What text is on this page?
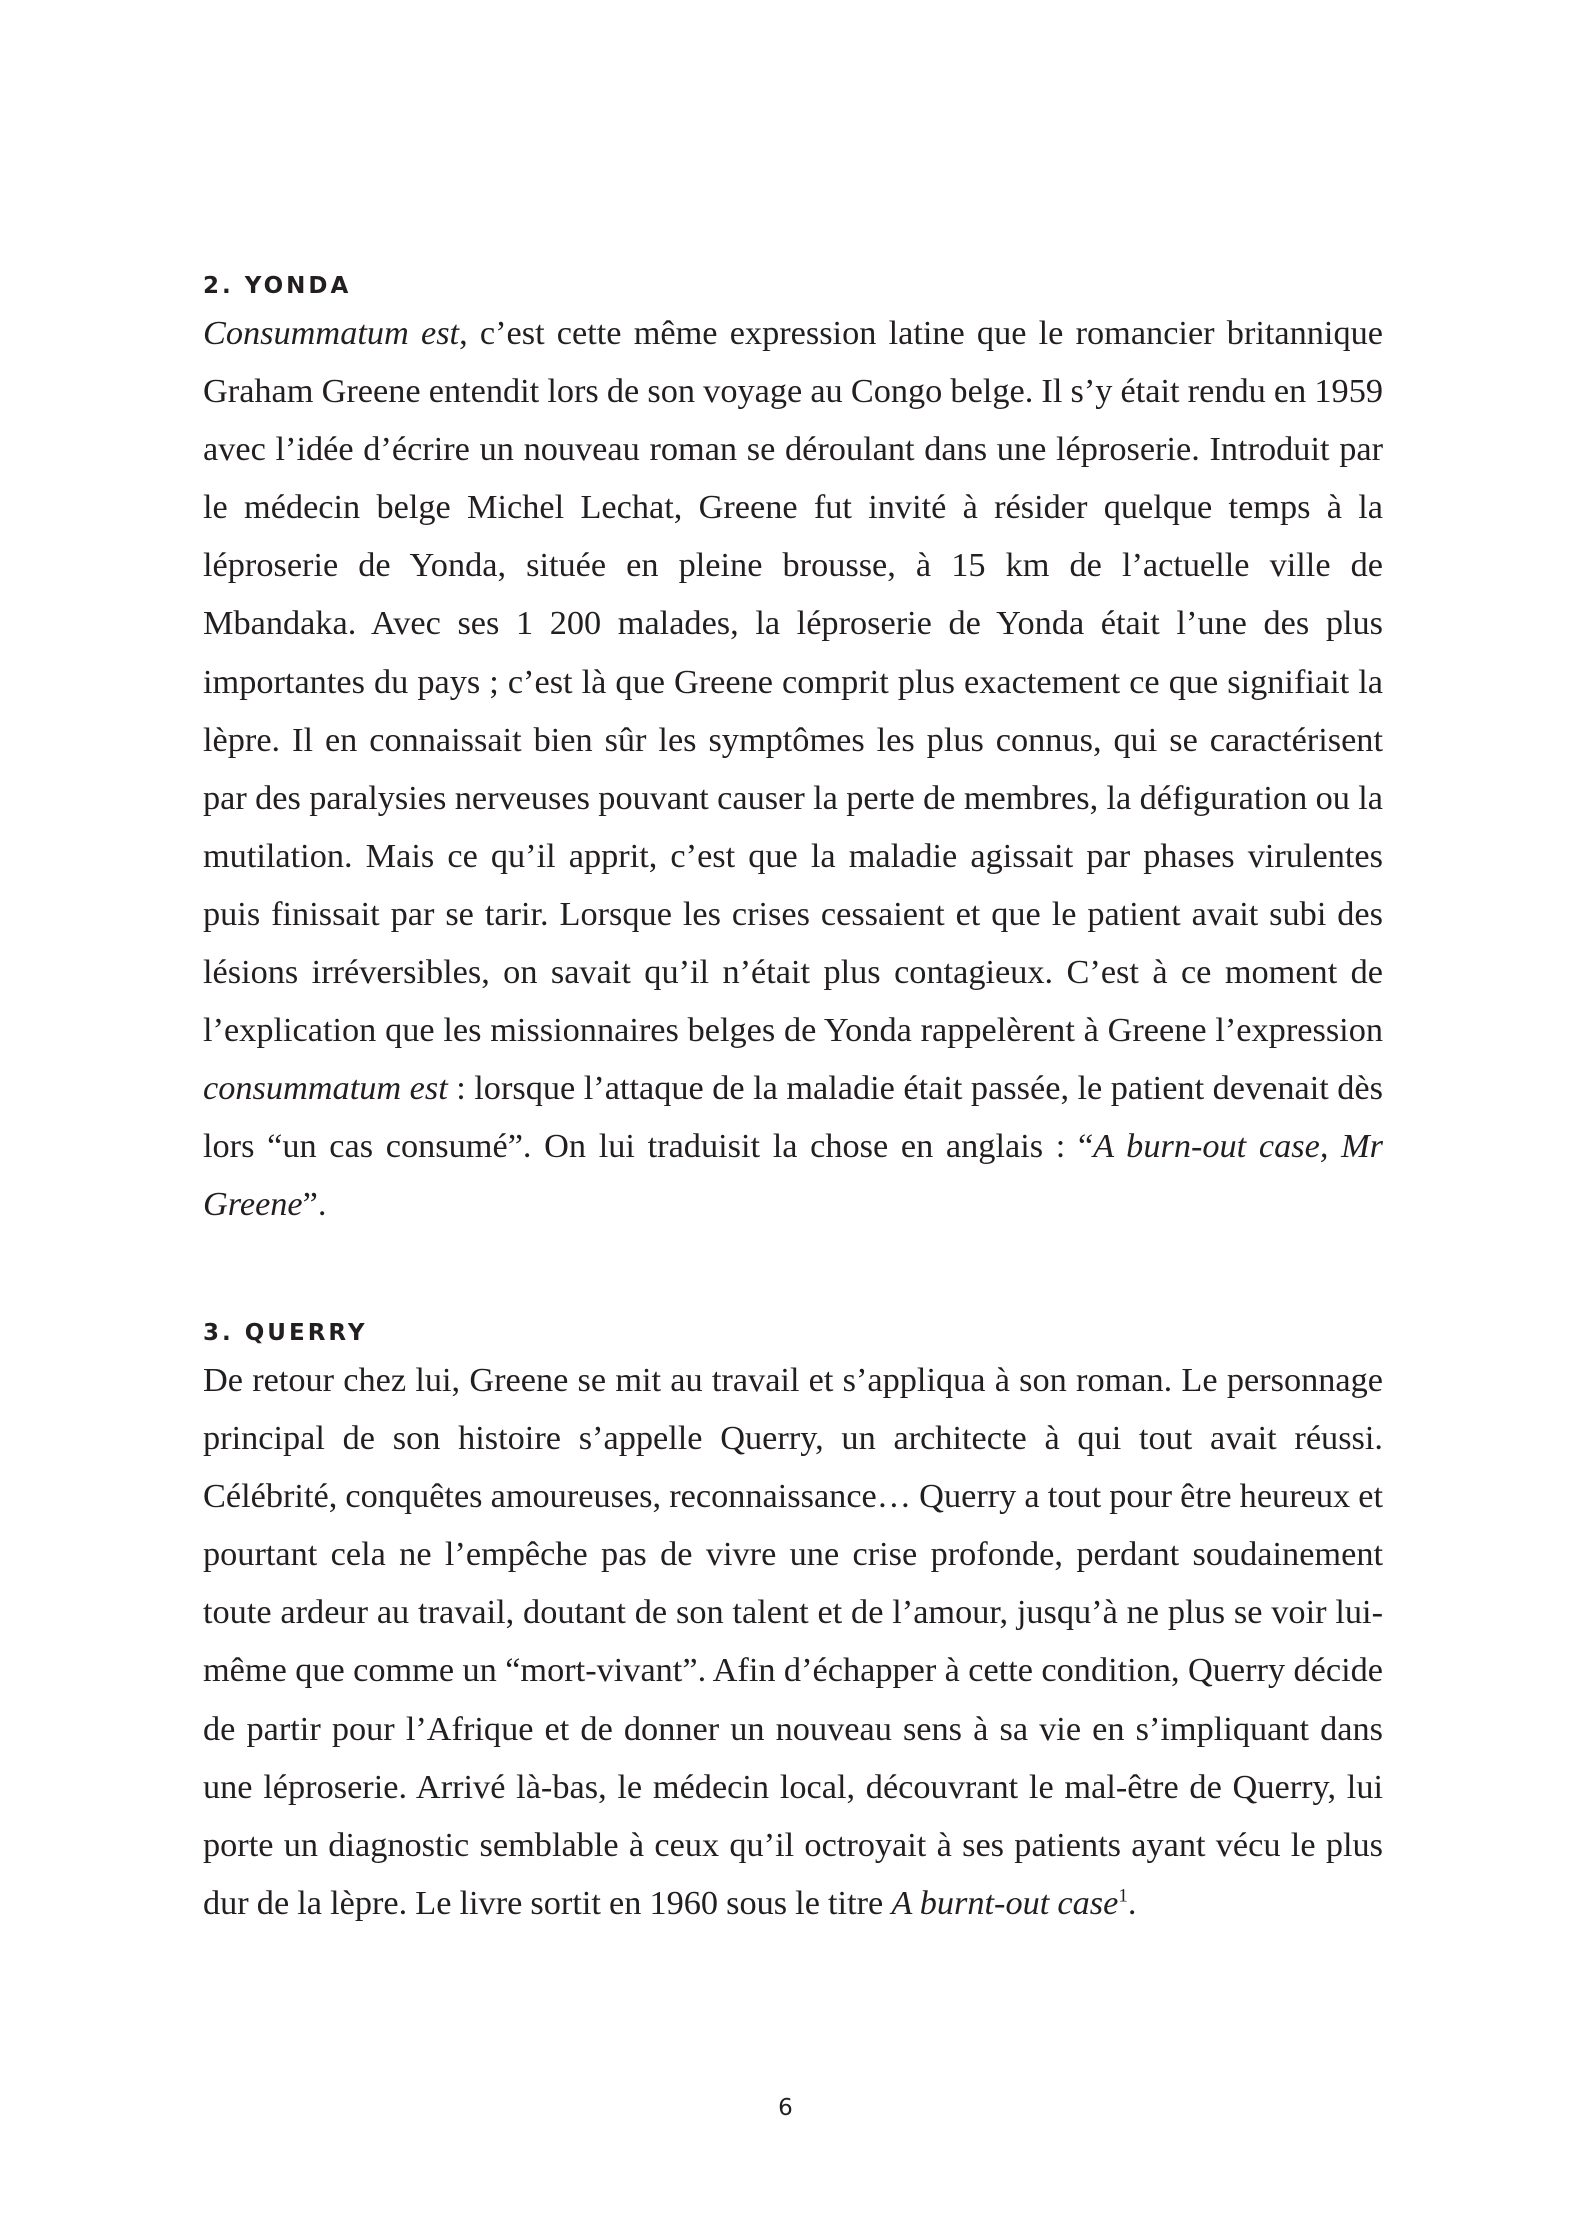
2. YONDA

Consummatum est, c’est cette même expression latine que le romancier britannique Graham Greene entendit lors de son voyage au Congo belge. Il s’y était rendu en 1959 avec l’idée d’écrire un nouveau roman se déroulant dans une léproserie. Introduit par le médecin belge Michel Lechat, Greene fut invité à résider quelque temps à la léproserie de Yonda, située en pleine brousse, à 15 km de l’actuelle ville de Mbandaka. Avec ses 1 200 malades, la léproserie de Yonda était l’une des plus importantes du pays ; c’est là que Greene comprit plus exactement ce que signifiait la lèpre. Il en connaissait bien sûr les symptômes les plus connus, qui se caractérisent par des paralysies nerveuses pouvant causer la perte de membres, la défiguration ou la mutilation. Mais ce qu’il apprit, c’est que la maladie agissait par phases virulentes puis finissait par se tarir. Lorsque les crises cessaient et que le patient avait subi des lésions irréversibles, on savait qu’il n’était plus contagieux. C’est à ce moment de l’explication que les missionnaires belges de Yonda rappelèrent à Greene l’expression consummatum est : lorsque l’attaque de la maladie était passée, le patient devenait dès lors “un cas consumé”. On lui traduisit la chose en anglais : “A burn-out case, Mr Greene”.

3. QUERRY

De retour chez lui, Greene se mit au travail et s’appliqua à son roman. Le personnage principal de son histoire s’appelle Querry, un architecte à qui tout avait réussi. Célébrité, conquêtes amoureuses, reconnaissance… Querry a tout pour être heureux et pourtant cela ne l’empêche pas de vivre une crise profonde, perdant soudainement toute ardeur au travail, doutant de son talent et de l’amour, jusqu’à ne plus se voir lui-même que comme un “mort-vivant”. Afin d’échapper à cette condition, Querry décide de partir pour l’Afrique et de donner un nouveau sens à sa vie en s’impliquant dans une léproserie. Arrivé là-bas, le médecin local, découvrant le mal-être de Querry, lui porte un diagnostic semblable à ceux qu’il octroyait à ses patients ayant vécu le plus dur de la lèpre. Le livre sortit en 1960 sous le titre A burnt-out case$^1$.

6
